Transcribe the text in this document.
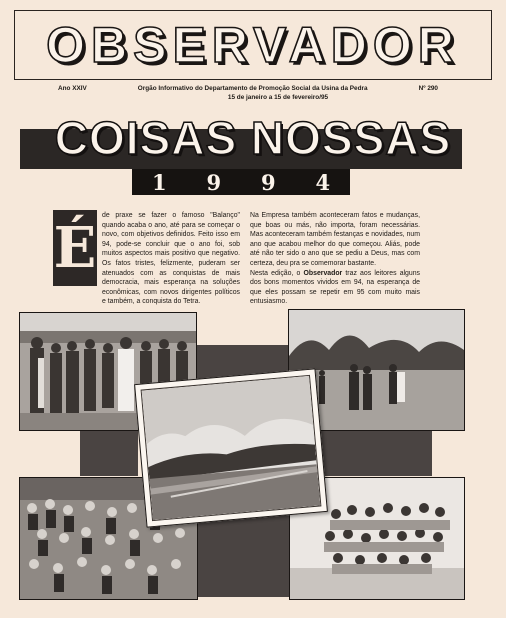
OBSERVADOR
Ano XXIV	Orgão Informativo do Departamento de Promoção Social da Usina da Pedra	Nº 290
15 de janeiro a 15 de fevereiro/95
COISAS NOSSAS
1 9 9 4
É de praxe se fazer o famoso "Balanço" quando acaba o ano, até para se começar o novo, com objetivos definidos. Feito isso em 94, pode-se concluir que o ano foi, sob muitos aspectos mais positivo que negativo. Os fatos tristes, felizmente, puderam ser atenuados com as conquistas de mais democracia, mais esperança na soluções econômicas, com novos dirigentes políticos e também, a conquista do Tetra.
Na Empresa também aconteceram fatos e mudanças, que boas ou más, não importa, foram necessárias. Mas aconteceram também festanças e novidades, num ano que acabou melhor do que começou. Aliás, pode até não ter sido o ano que se pediu a Deus, mas com certeza, deu pra se comemorar bastante.
Nesta edição, o Observador traz aos leitores alguns dos bons momentos vividos em 94, na esperança de que eles possam se repetir em 95 com muito mais entusiasmo.
